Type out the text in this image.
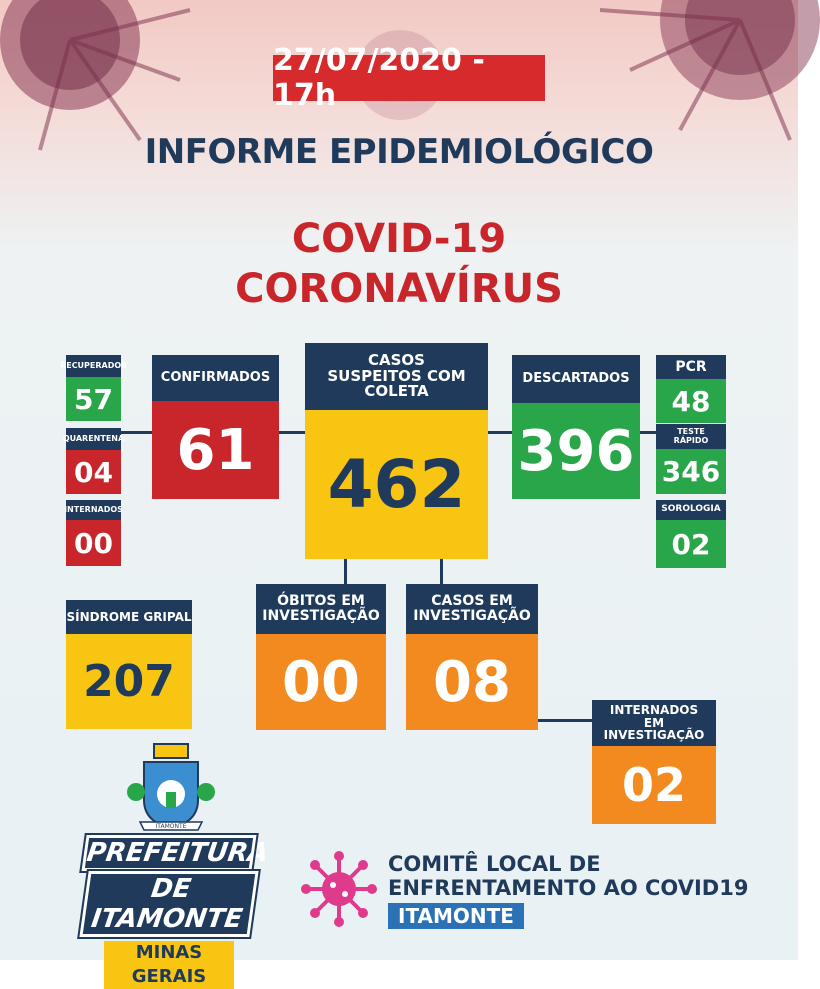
27/07/2020 - 17h
INFORME EPIDEMIOLÓGICO
COVID-19
CORONAVÍRUS
RECUPERADOS
57
QUARENTENA
04
INTERNADOS
00
CONFIRMADOS
61
CASOS SUSPEITOS COM COLETA
462
DESCARTADOS
396
PCR
48
TESTE RÁPIDO
346
SOROLOGIA
02
SÍNDROME GRIPAL
207
ÓBITOS EM INVESTIGAÇÃO
00
CASOS EM INVESTIGAÇÃO
08	INTERNADOS EM INVESTIGAÇÃO
02
ITAMONTE
PREFEITURA
DE ITAMONTE
MINAS GERAIS
COMITÊ LOCAL DE
ENFRENTAMENTO AO COVID19
ITAMONTE
